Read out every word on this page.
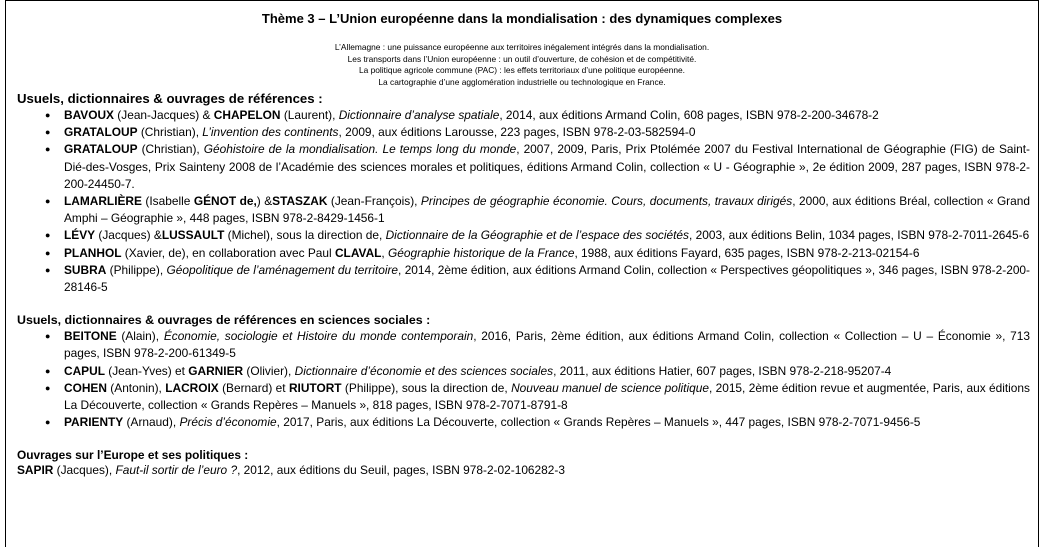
Thème 3 – L’Union européenne dans la mondialisation : des dynamiques complexes
L’Allemagne : une puissance européenne aux territoires inégalement intégrés dans la mondialisation.
Les transports dans l’Union européenne : un outil d’ouverture, de cohésion et de compétitivité.
La politique agricole commune (PAC) : les effets territoriaux d’une politique européenne.
La cartographie d’une agglomération industrielle ou technologique en France.
Usuels, dictionnaires & ouvrages de références :
● BAVOUX (Jean-Jacques) & CHAPELON (Laurent), Dictionnaire d’analyse spatiale, 2014, aux éditions Armand Colin, 608 pages, ISBN 978-2-200-34678-2
● GRATALOUP (Christian), L’invention des continents, 2009, aux éditions Larousse, 223 pages, ISBN 978-2-03-582594-0
● GRATALOUP (Christian), Géohistoire de la mondialisation. Le temps long du monde, 2007, 2009, Paris, Prix Ptolémée 2007 du Festival International de Géographie (FIG) de Saint-Dié-des-Vosges, Prix Sainteny 2008 de l’Académie des sciences morales et politiques, éditions Armand Colin, collection « U - Géographie », 2e édition 2009, 287 pages, ISBN 978-2-200-24450-7.
● LAMARLIÈRE (Isabelle GÉNOT de,) &STASZAK (Jean-François), Principes de géographie économie. Cours, documents, travaux dirigés, 2000, aux éditions Bréal, collection « Grand Amphi – Géographie », 448 pages, ISBN 978-2-8429-1456-1
● LÉVY (Jacques) &LUSSAULT (Michel), sous la direction de, Dictionnaire de la Géographie et de l’espace des sociétés, 2003, aux éditions Belin, 1034 pages, ISBN 978-2-7011-2645-6
● PLANHOL (Xavier, de), en collaboration avec Paul CLAVAL, Géographie historique de la France, 1988, aux éditions Fayard, 635 pages, ISBN 978-2-213-02154-6
● SUBRA (Philippe), Géopolitique de l’aménagement du territoire, 2014, 2ème édition, aux éditions Armand Colin, collection « Perspectives géopolitiques », 346 pages, ISBN 978-2-200-28146-5
Usuels, dictionnaires & ouvrages de références en sciences sociales :
● BEITONE (Alain), Économie, sociologie et Histoire du monde contemporain, 2016, Paris, 2ème édition, aux éditions Armand Colin, collection « Collection – U – Économie », 713 pages, ISBN 978-2-200-61349-5
● CAPUL (Jean-Yves) et GARNIER (Olivier), Dictionnaire d’économie et des sciences sociales, 2011, aux éditions Hatier, 607 pages, ISBN 978-2-218-95207-4
● COHEN (Antonin), LACROIX (Bernard) et RIUTORT (Philippe), sous la direction de, Nouveau manuel de science politique, 2015, 2ème édition revue et augmentée, Paris, aux éditions La Découverte, collection « Grands Repères – Manuels », 818 pages, ISBN 978-2-7071-8791-8
● PARIENTY (Arnaud), Précis d’économie, 2017, Paris, aux éditions La Découverte, collection « Grands Repères – Manuels », 447 pages, ISBN 978-2-7071-9456-5
Ouvrages sur l’Europe et ses politiques :
SAPIR (Jacques), Faut-il sortir de l’euro ?, 2012, aux éditions du Seuil, pages, ISBN 978-2-02-106282-3
